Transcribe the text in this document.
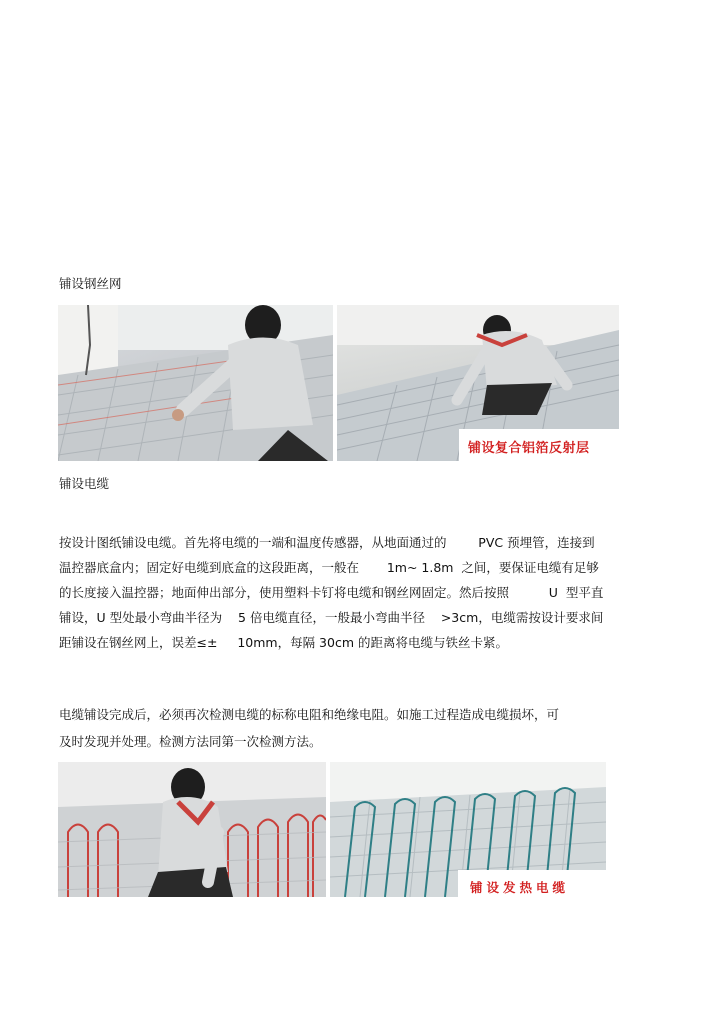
铺设钢丝网
铺设复合铝箔反射层
铺设电缆
按设计图纸铺设电缆。首先将电缆的一端和温度传感器，从地面通过的        PVC 预埋管，连接到
温控器底盒内；固定好电缆到底盒的这段距离，一般在       1m~ 1.8m  之间，要保证电缆有足够
的长度接入温控器；地面伸出部分，使用塑料卡钉将电缆和钢丝网固定。然后按照          U  型平直
铺设，U 型处最小弯曲半径为    5 倍电缆直径，一般最小弯曲半径    >3cm，电缆需按设计要求间
距铺设在钢丝网上，误差≤±     10mm，每隔 30cm 的距离将电缆与铁丝卡紧。
电缆铺设完成后，必须再次检测电缆的标称电阻和绝缘电阻。如施工过程造成电缆损坏，可
及时发现并处理。检测方法同第一次检测方法。
铺设发热电缆
